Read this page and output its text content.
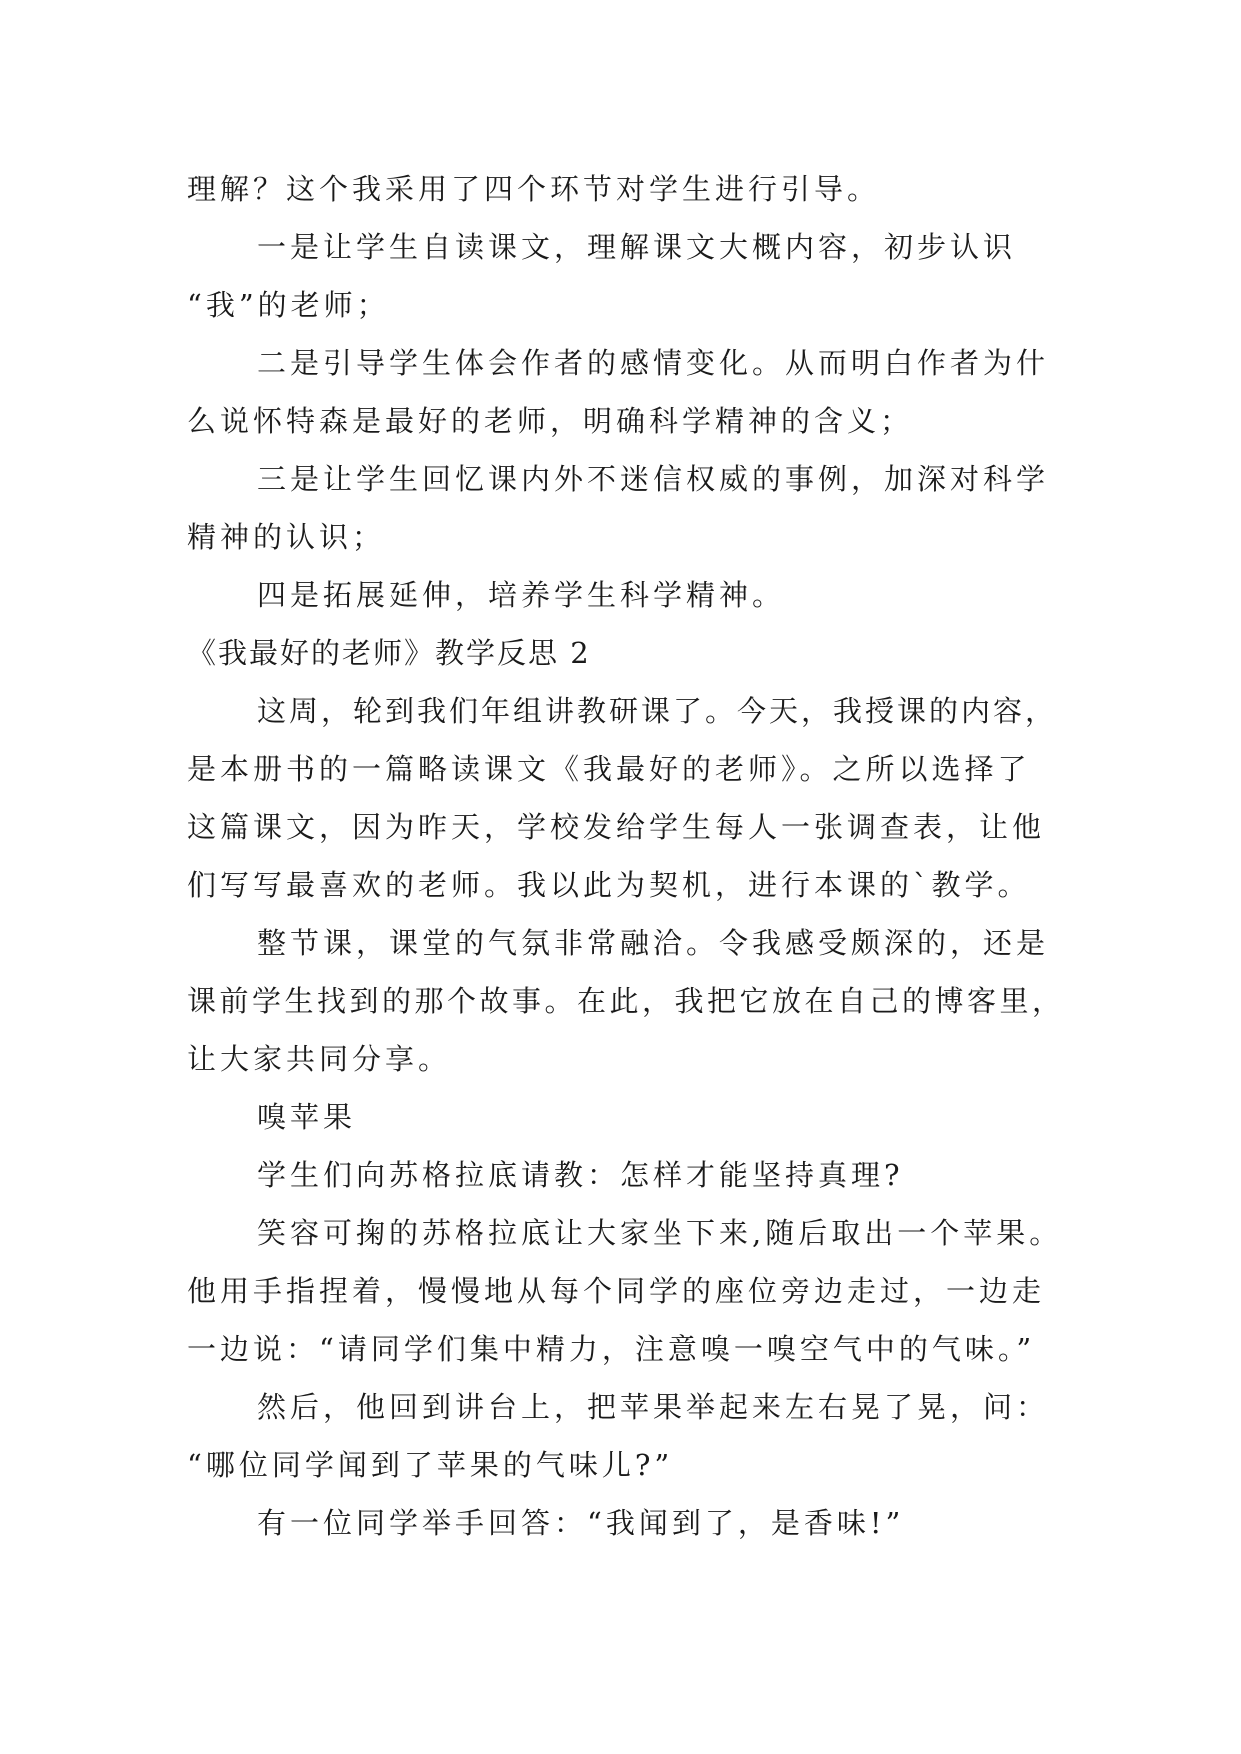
理解？这个我采用了四个环节对学生进行引导。
一是让学生自读课文，理解课文大概内容，初步认识
“我”的老师；
二是引导学生体会作者的感情变化。从而明白作者为什
么说怀特森是最好的老师，明确科学精神的含义；
三是让学生回忆课内外不迷信权威的事例，加深对科学
精神的认识；
四是拓展延伸，培养学生科学精神。
《我最好的老师》教学反思 2
这周，轮到我们年组讲教研课了。今天，我授课的内容，
是本册书的一篇略读课文《我最好的老师》。之所以选择了
这篇课文，因为昨天，学校发给学生每人一张调查表，让他
们写写最喜欢的老师。我以此为契机，进行本课的`教学。
整节课，课堂的气氛非常融洽。令我感受颇深的，还是
课前学生找到的那个故事。在此，我把它放在自己的博客里，
让大家共同分享。
嗅苹果
学生们向苏格拉底请教：怎样才能坚持真理?
笑容可掬的苏格拉底让大家坐下来,随后取出一个苹果。
他用手指捏着，慢慢地从每个同学的座位旁边走过，一边走
一边说：“请同学们集中精力，注意嗅一嗅空气中的气味。”
然后，他回到讲台上，把苹果举起来左右晃了晃，问：
“哪位同学闻到了苹果的气味儿?”
有一位同学举手回答：“我闻到了，是香味!”
